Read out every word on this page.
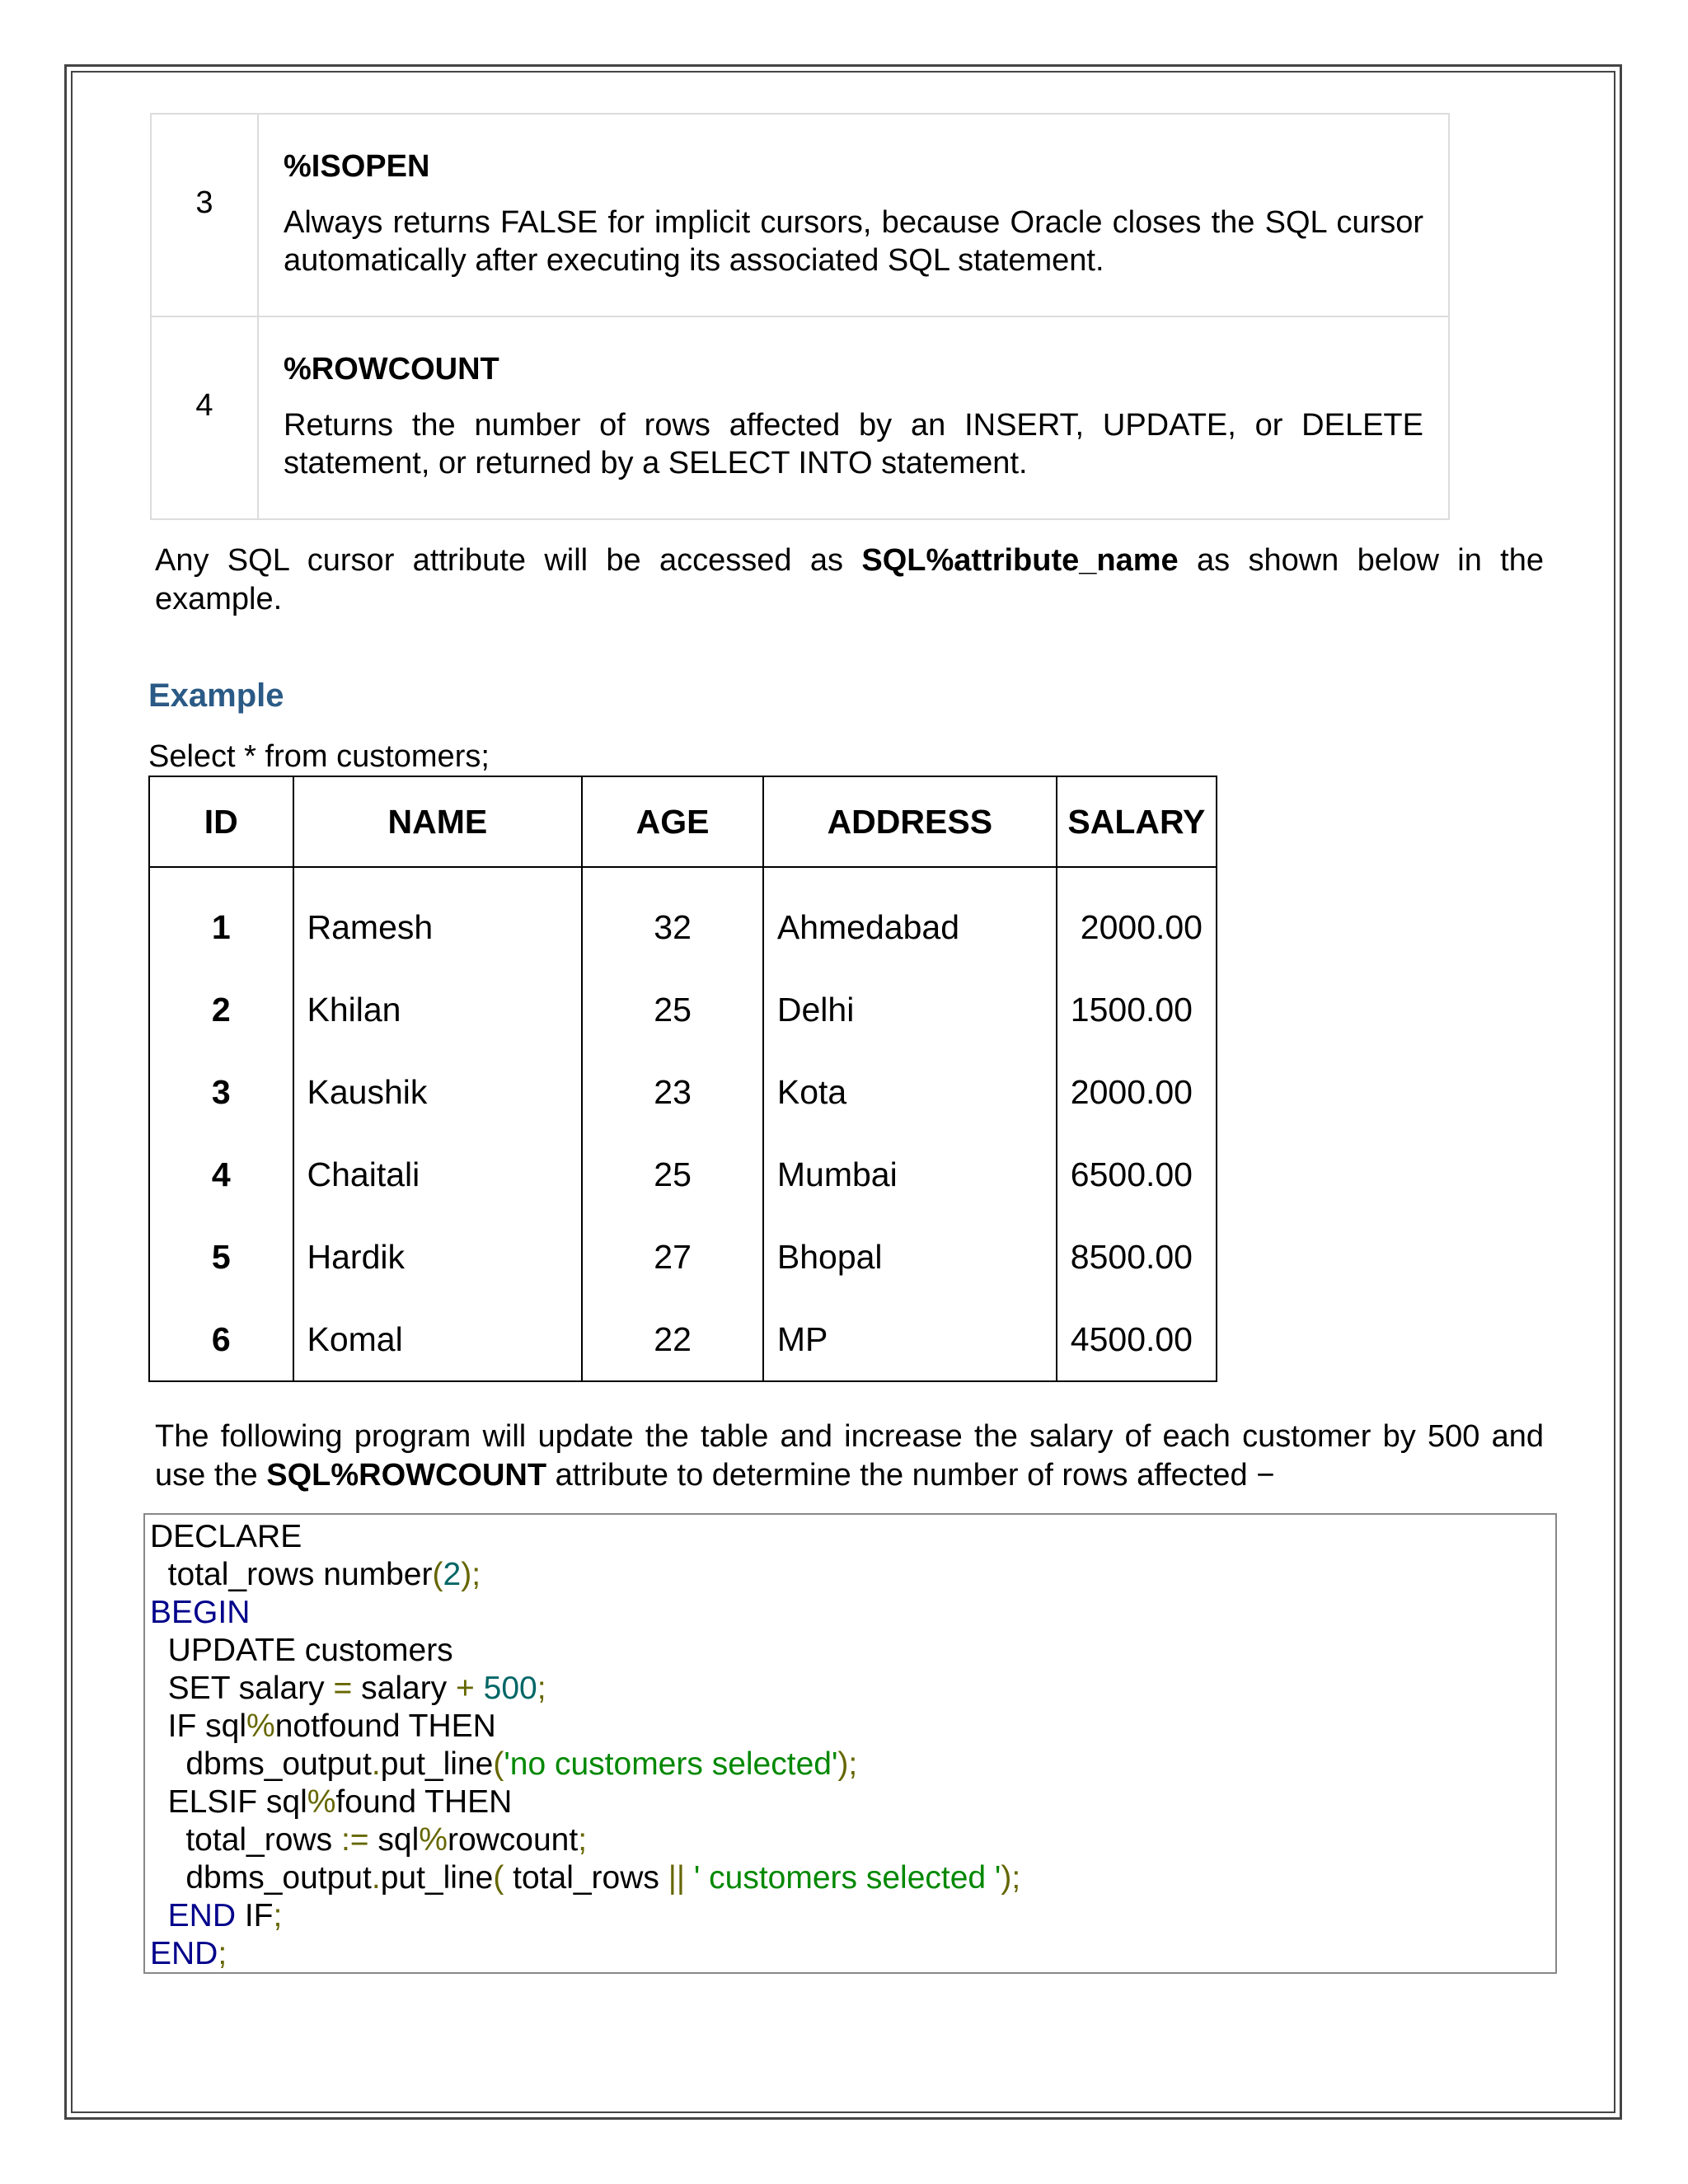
3	%ISOPEN
Always returns FALSE for implicit cursors, because Oracle closes the SQL cursor automatically after executing its associated SQL statement.

4	%ROWCOUNT
Returns the number of rows affected by an INSERT, UPDATE, or DELETE statement, or returned by a SELECT INTO statement.
Any SQL cursor attribute will be accessed as SQL%attribute_name as shown below in the example.
Example
Select * from customers;
ID	NAME	AGE	ADDRESS	SALARY
1	Ramesh	32	Ahmedabad	2000.00
2	Khilan	25	Delhi	1500.00
3	Kaushik	23	Kota	2000.00
4	Chaitali	25	Mumbai	6500.00
5	Hardik	27	Bhopal	8500.00
6	Komal	22	MP	4500.00
The following program will update the table and increase the salary of each customer by 500 and use the SQL%ROWCOUNT attribute to determine the number of rows affected −
DECLARE
total_rows number(2);
BEGIN
UPDATE customers
SET salary = salary + 500;
IF sql%notfound THEN
dbms_output.put_line('no customers selected');
ELSIF sql%found THEN
total_rows := sql%rowcount;
dbms_output.put_line( total_rows || ' customers selected ');
END IF;
END;
